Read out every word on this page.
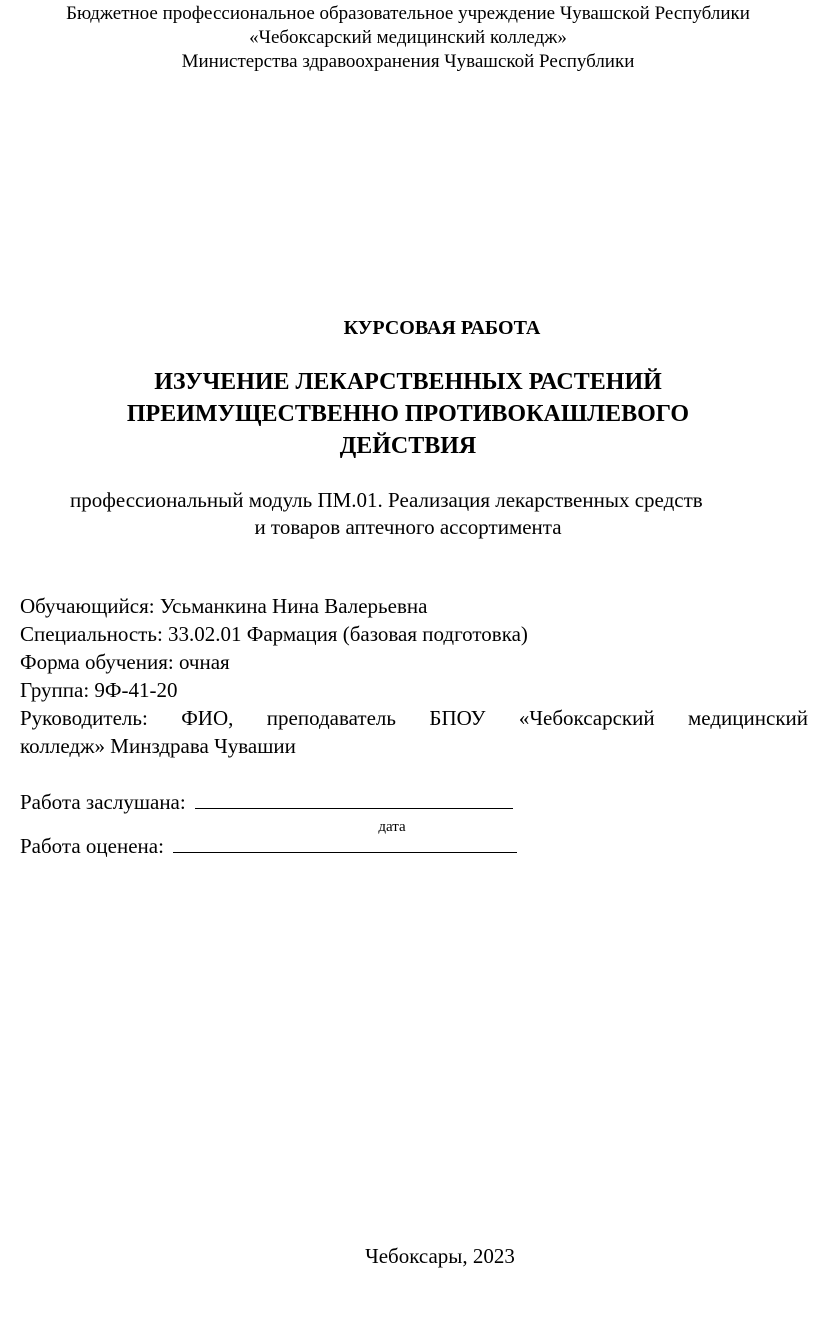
Бюджетное профессиональное образовательное учреждение Чувашской Республики
«Чебоксарский медицинский колледж»
Министерства здравоохранения Чувашской Республики
КУРСОВАЯ РАБОТА
ИЗУЧЕНИЕ ЛЕКАРСТВЕННЫХ РАСТЕНИЙ
ПРЕИМУЩЕСТВЕННО ПРОТИВОКАШЛЕВОГО
ДЕЙСТВИЯ
профессиональный модуль ПМ.01. Реализация лекарственных средств
и товаров аптечного ассортимента
Обучающийся: Усьманкина Нина Валерьевна
Специальность: 33.02.01 Фармация (базовая подготовка)
Форма обучения: очная
Группа: 9Ф-41-20
Руководитель: ФИО, преподаватель БПОУ «Чебоксарский медицинский
колледж» Минздрава Чувашии
Работа заслушана:
Работа оценена:
дата
Чебоксары, 2023
